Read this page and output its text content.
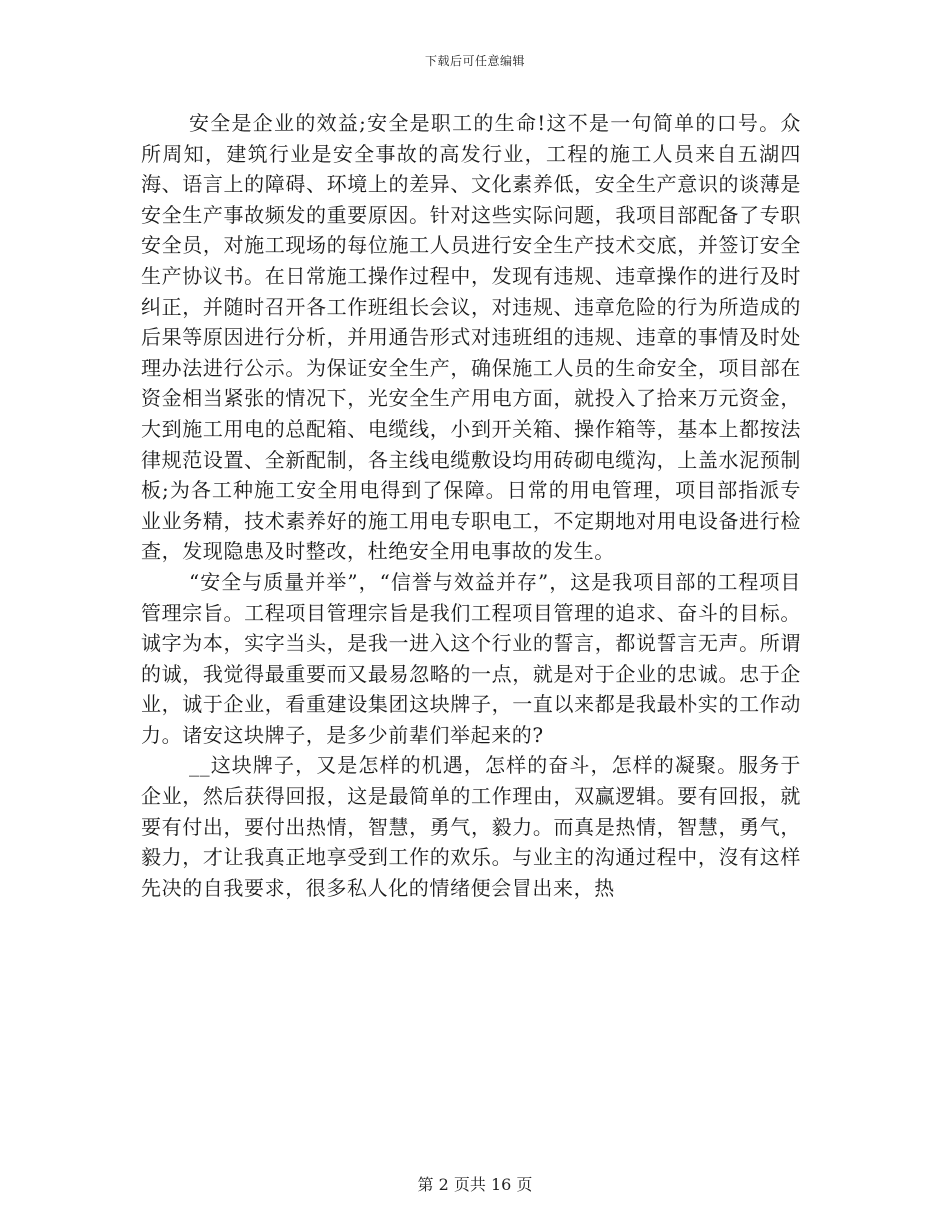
下载后可任意编辑

安全是企业的效益;安全是职工的生命!这不是一句简单的口号。众所周知，建筑行业是安全事故的高发行业，工程的施工人员来自五湖四海、语言上的障碍、环境上的差异、文化素养低，安全生产意识的谈薄是安全生产事故频发的重要原因。针对这些实际问题，我项目部配备了专职安全员，对施工现场的每位施工人员进行安全生产技术交底，并签订安全生产协议书。在日常施工操作过程中，发现有违规、违章操作的进行及时纠正，并随时召开各工作班组长会议，对违规、违章危险的行为所造成的后果等原因进行分析，并用通告形式对违班组的违规、违章的事情及时处理办法进行公示。为保证安全生产，确保施工人员的生命安全，项目部在资金相当紧张的情况下，光安全生产用电方面，就投入了拾来万元资金，大到施工用电的总配箱、电缆线，小到开关箱、操作箱等，基本上都按法律规范设置、全新配制，各主线电缆敷设均用砖砌电缆沟，上盖水泥预制板;为各工种施工安全用电得到了保障。日常的用电管理，项目部指派专业业务精，技术素养好的施工用电专职电工，不定期地对用电设备进行检查，发现隐患及时整改，杜绝安全用电事故的发生。

“安全与质量并举”，“信誉与效益并存”，这是我项目部的工程项目管理宗旨。工程项目管理宗旨是我们工程项目管理的追求、奋斗的目标。诚字为本，实字当头，是我一进入这个行业的誓言，都说誓言无声。所谓的诚，我觉得最重要而又最易忽略的一点，就是对于企业的忠诚。忠于企业，诚于企业，看重建设集团这块牌子，一直以来都是我最朴实的工作动力。诸安这块牌子，是多少前辈们举起来的?

__这块牌子，又是怎样的机遇，怎样的奋斗，怎样的凝聚。服务于企业，然后获得回报，这是最简单的工作理由，双赢逻辑。要有回报，就要有付出，要付出热情，智慧，勇气，毅力。而真是热情，智慧，勇气，毅力，才让我真正地享受到工作的欢乐。与业主的沟通过程中，沒有这样先决的自我要求，很多私人化的情绪便会冒出来，热

第 2 页共 16 页
